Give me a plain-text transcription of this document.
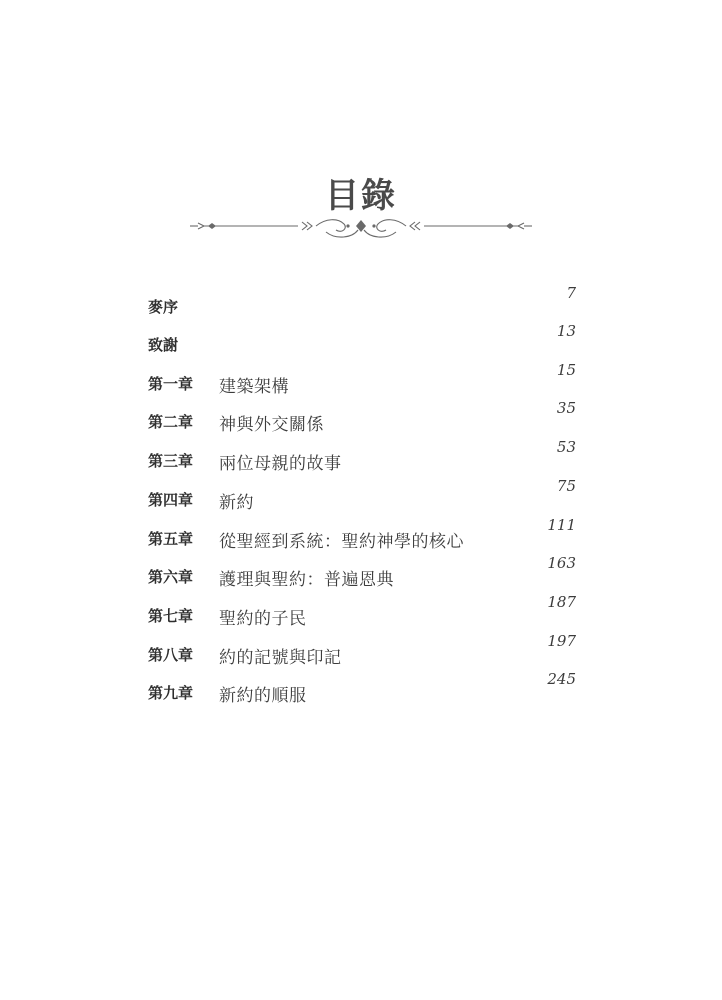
目錄
麥序
7
致謝
13
第一章 建築架構
15
第二章 神與外交關係
35
第三章 兩位母親的故事
53
第四章 新約
75
第五章 從聖經到系統：聖約神學的核心
111
第六章 護理與聖約：普遍恩典
163
第七章 聖約的子民
187
第八章 約的記號與印記
197
第九章 新約的順服
245
